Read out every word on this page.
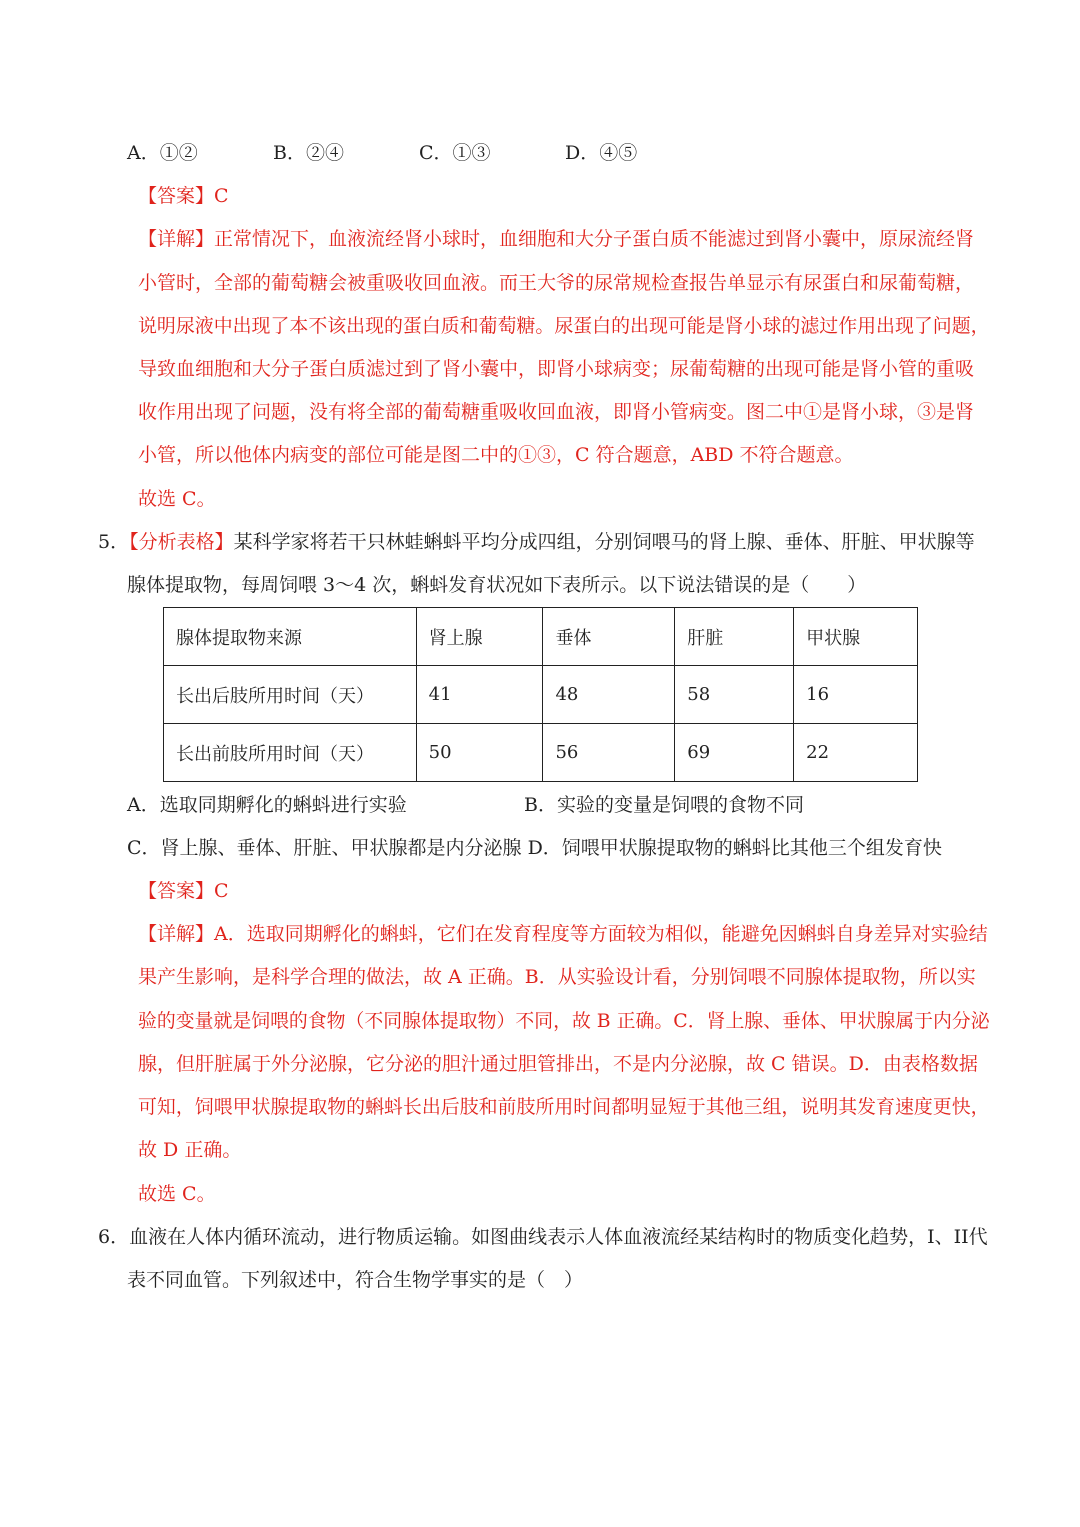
A．①②	B．②④	C．①③	D．④⑤
【答案】C
【详解】正常情况下，血液流经肾小球时，血细胞和大分子蛋白质不能滤过到肾小囊中，原尿流经肾
小管时，全部的葡萄糖会被重吸收回血液。而王大爷的尿常规检查报告单显示有尿蛋白和尿葡萄糖，
说明尿液中出现了本不该出现的蛋白质和葡萄糖。尿蛋白的出现可能是肾小球的滤过作用出现了问题，
导致血细胞和大分子蛋白质滤过到了肾小囊中，即肾小球病变；尿葡萄糖的出现可能是肾小管的重吸
收作用出现了问题，没有将全部的葡萄糖重吸收回血液，即肾小管病变。图二中①是肾小球，③是肾
小管，所以他体内病变的部位可能是图二中的①③，C 符合题意，ABD 不符合题意。
故选 C。
5．【分析表格】某科学家将若干只林蛙蝌蚪平均分成四组，分别饲喂马的肾上腺、垂体、肝脏、甲状腺等
腺体提取物，每周饲喂 3～4 次，蝌蚪发育状况如下表所示。以下说法错误的是（　　）
腺体提取物来源	肾上腺	垂体	肝脏	甲状腺
长出后肢所用时间（天）	41	48	58	16
长出前肢所用时间（天）	50	56	69	22
A．选取同期孵化的蝌蚪进行实验	B．实验的变量是饲喂的食物不同
C．肾上腺、垂体、肝脏、甲状腺都是内分泌腺 D．饲喂甲状腺提取物的蝌蚪比其他三个组发育快
【答案】C
【详解】A．选取同期孵化的蝌蚪，它们在发育程度等方面较为相似，能避免因蝌蚪自身差异对实验结
果产生影响，是科学合理的做法，故 A 正确。B．从实验设计看，分别饲喂不同腺体提取物，所以实
验的变量就是饲喂的食物（不同腺体提取物）不同，故 B 正确。C．肾上腺、垂体、甲状腺属于内分泌
腺，但肝脏属于外分泌腺，它分泌的胆汁通过胆管排出，不是内分泌腺，故 C 错误。D．由表格数据
可知，饲喂甲状腺提取物的蝌蚪长出后肢和前肢所用时间都明显短于其他三组，说明其发育速度更快，
故 D 正确。
故选 C。
6．血液在人体内循环流动，进行物质运输。如图曲线表示人体血液流经某结构时的物质变化趋势，I、II代
表不同血管。下列叙述中，符合生物学事实的是（　）
